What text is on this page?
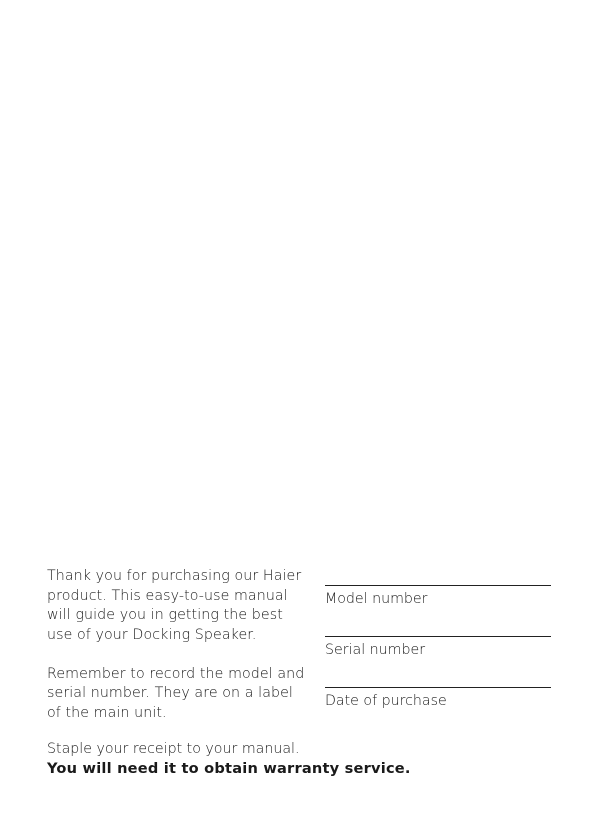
Thank you for purchasing our Haier
product. This easy-to-use manual
will guide you in getting the best
use of your Docking Speaker.

Remember to record the model and
serial number. They are on a label
of the main unit.

Model number
Serial number
Date of purchase
Staple your receipt to your manual.
You will need it to obtain warranty service.
